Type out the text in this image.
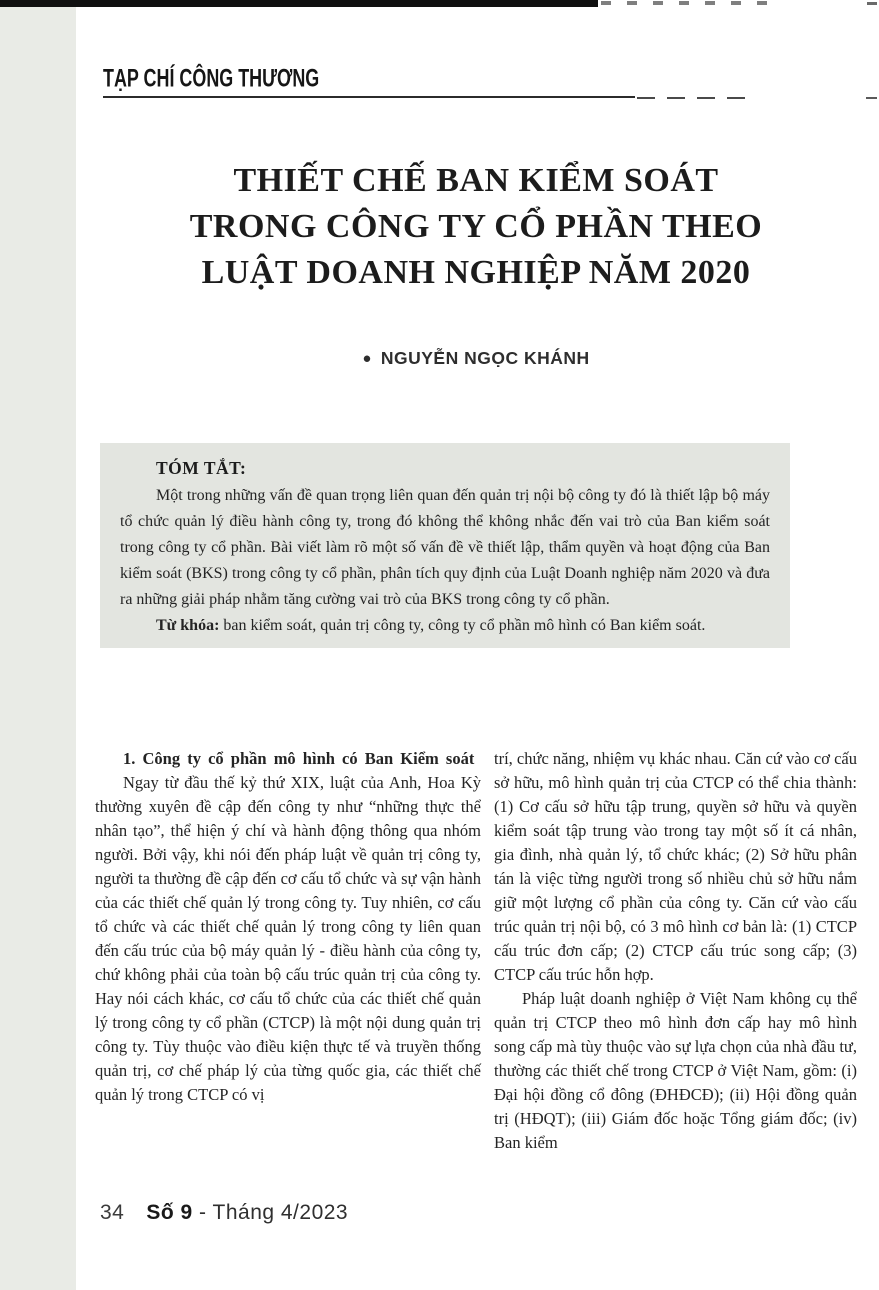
TẠP CHÍ CÔNG THƯƠNG
THIẾT CHẾ BAN KIỂM SOÁT
TRONG CÔNG TY CỔ PHẦN THEO
LUẬT DOANH NGHIỆP NĂM 2020
● NGUYỄN NGỌC KHÁNH
TÓM TẮT:
Một trong những vấn đề quan trọng liên quan đến quản trị nội bộ công ty đó là thiết lập bộ máy tổ chức quản lý điều hành công ty, trong đó không thể không nhắc đến vai trò của Ban kiểm soát trong công ty cổ phần. Bài viết làm rõ một số vấn đề về thiết lập, thẩm quyền và hoạt động của Ban kiểm soát (BKS) trong công ty cổ phần, phân tích quy định của Luật Doanh nghiệp năm 2020 và đưa ra những giải pháp nhằm tăng cường vai trò của BKS trong công ty cổ phần.
Từ khóa: ban kiểm soát, quản trị công ty, công ty cổ phần mô hình có Ban kiểm soát.

1. Công ty cổ phần mô hình có Ban Kiểm soát

Ngay từ đầu thế kỷ thứ XIX, luật của Anh, Hoa Kỳ thường xuyên đề cập đến công ty như “những thực thể nhân tạo”, thể hiện ý chí và hành động thông qua nhóm người. Bởi vậy, khi nói đến pháp luật về quản trị công ty, người ta thường đề cập đến cơ cấu tổ chức và sự vận hành của các thiết chế quản lý trong công ty. Tuy nhiên, cơ cấu tổ chức và các thiết chế quản lý trong công ty liên quan đến cấu trúc của bộ máy quản lý - điều hành của công ty, chứ không phải của toàn bộ cấu trúc quản trị của công ty. Hay nói cách khác, cơ cấu tổ chức của các thiết chế quản lý trong công ty cổ phần (CTCP) là một nội dung quản trị công ty. Tùy thuộc vào điều kiện thực tế và truyền thống quản trị, cơ chế pháp lý của từng quốc gia, các thiết chế quản lý trong CTCP có vị

trí, chức năng, nhiệm vụ khác nhau. Căn cứ vào cơ cấu sở hữu, mô hình quản trị của CTCP có thể chia thành: (1) Cơ cấu sở hữu tập trung, quyền sở hữu và quyền kiểm soát tập trung vào trong tay một số ít cá nhân, gia đình, nhà quản lý, tổ chức khác; (2) Sở hữu phân tán là việc từng người trong số nhiều chủ sở hữu nắm giữ một lượng cổ phần của công ty. Căn cứ vào cấu trúc quản trị nội bộ, có 3 mô hình cơ bản là: (1) CTCP cấu trúc đơn cấp; (2) CTCP cấu trúc song cấp; (3) CTCP cấu trúc hỗn hợp.

Pháp luật doanh nghiệp ở Việt Nam không cụ thể quản trị CTCP theo mô hình đơn cấp hay mô hình song cấp mà tùy thuộc vào sự lựa chọn của nhà đầu tư, thường các thiết chế trong CTCP ở Việt Nam, gồm: (i) Đại hội đồng cổ đông (ĐHĐCĐ); (ii) Hội đồng quản trị (HĐQT); (iii) Giám đốc hoặc Tổng giám đốc; (iv) Ban kiểm

34 Số 9 - Tháng 4/2023
